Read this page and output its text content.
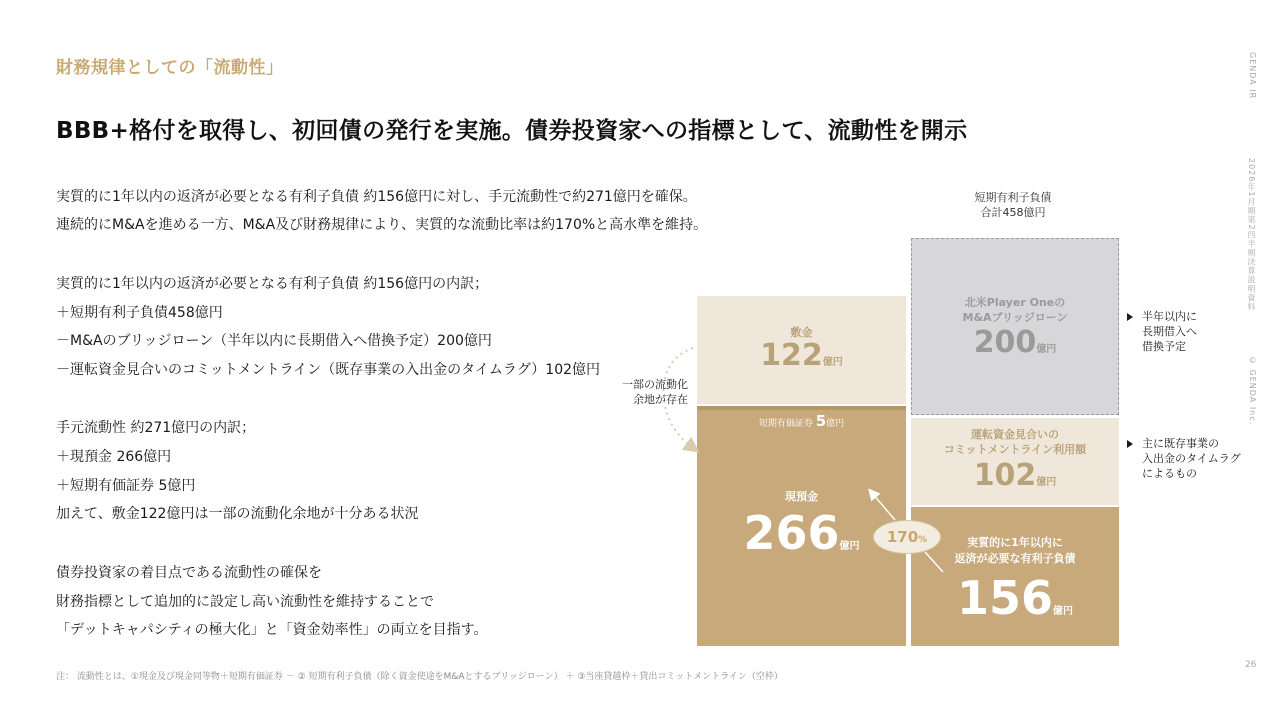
財務規律としての「流動性」
BBB+格付を取得し、初回債の発行を実施。債券投資家への指標として、流動性を開示
GENDA IR
2026年1月期第2四半期決算説明資料
© GENDA Inc.
実質的に1年以内の返済が必要となる有利子負債 約156億円に対し、手元流動性で約271億円を確保。
連続的にM&Aを進める一方、M&A及び財務規律により、実質的な流動比率は約170%と高水準を維持。
実質的に1年以内の返済が必要となる有利子負債 約156億円の内訳；
＋短期有利子負債458億円
－M&Aのブリッジローン（半年以内に長期借入へ借換予定）200億円
－運転資金見合いのコミットメントライン（既存事業の入出金のタイムラグ）102億円
手元流動性 約271億円の内訳；
＋現預金 266億円
＋短期有価証券 5億円
加えて、敷金122億円は一部の流動化余地が十分ある状況
債券投資家の着目点である流動性の確保を
財務指標として追加的に設定し高い流動性を維持することで
「デットキャパシティの極大化」と「資金効率性」の両立を目指す。
短期有利子負債
合計458億円
敷金
122億円
現預金
266億円
短期有価証券 5億円
北米Player Oneの
M&Aブリッジローン
200億円
運転資金見合いの
コミットメントライン利用額
102億円
実質的に1年以内に
返済が必要な有利子負債
156億円
170%
一部の流動化
余地が存在
半年以内に
長期借入へ
借換予定
主に既存事業の
入出金のタイムラグ
によるもの
注： 流動性とは、①現金及び現金同等物＋短期有価証券 － ② 短期有利子負債（除く資金使途をM&Aとするブリッジローン） ＋ ③当座貸越枠＋貸出コミットメントライン（空枠）
26
